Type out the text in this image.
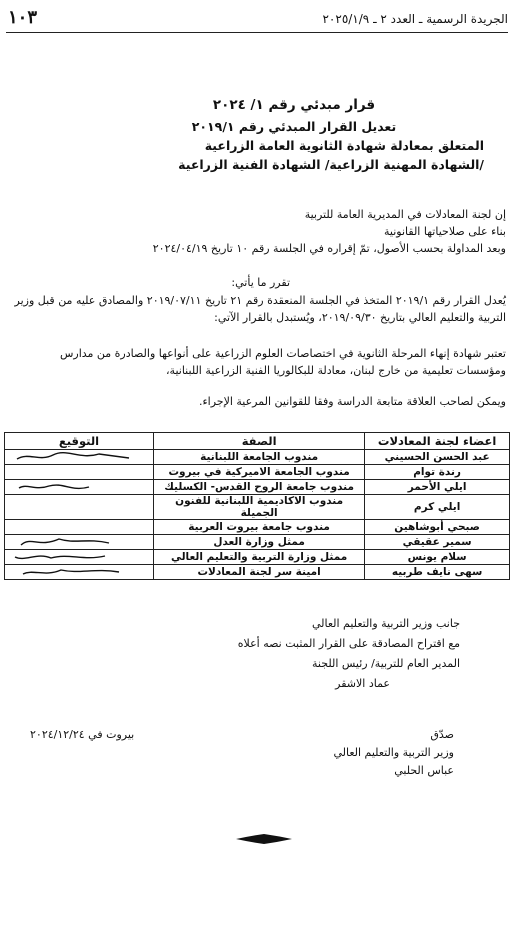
الجريدة الرسمية ـ العدد ٢ ـ ٢٠٢٥/١/٩
١٠٣
قرار مبدئي رقم ١/ ٢٠٢٤
تعديل القرار المبدئي رقم ٢٠١٩/١
المتعلق بمعادلة شهادة الثانوية العامة الزراعية
/الشهادة المهنية الزراعية/ الشهادة الفنية الزراعية
إن لجنة المعادلات في المديرية العامة للتربية
بناء على صلاحياتها القانونية
وبعد المداولة بحسب الأصول، تمّ إقراره في الجلسة رقم ١٠ تاريخ ٢٠٢٤/٠٤/١٩
تقرر ما يأتي:
يُعدل القرار رقم ٢٠١٩/١ المتخذ في الجلسة المنعقدة رقم ٢١ تاريخ ٢٠١٩/٠٧/١١ والمصادق عليه من قبل وزير التربية والتعليم العالي بتاريخ ٢٠١٩/٠٩/٣٠، ويُستبدل بالقرار الآتي:
تعتبر شهادة إنهاء المرحلة الثانوية في اختصاصات العلوم الزراعية على أنواعها والصادرة من مدارس ومؤسسات تعليمية من خارج لبنان، معادلة للبكالوريا الفنية الزراعية اللبنانية،
ويمكن لصاحب العلاقة متابعة الدراسة وفقا للقوانين المرعية الإجراء.
اعضاء لجنة المعادلات	الصفة	التوقيع
عبد الحسن الحسيني	مندوب الجامعة اللبنانية	

رندة توام	مندوب الجامعة الاميركية في بيروت	
ايلي الأحمر	مندوب جامعة الروح القدس- الكسليك	

ايلي كرم	مندوب الاكاديمية اللبنانية للفنون الجميلة	
صبحي أبوشاهين	مندوب جامعة بيروت العربية	
سمير عقيقي	ممثل وزارة العدل	

سلام يونس	ممثل وزارة التربية والتعليم العالي	

سهى نايف طربيه	امينة سر لجنة المعادلات	
جانب وزير التربية والتعليم العالي
مع اقتراح المصادقة على القرار المثبت نصه أعلاه
المدير العام للتربية/ رئيس اللجنة
عماد الاشقر
بيروت في ٢٠٢٤/١٢/٢٤	صدّق
وزير التربية والتعليم العالي
عباس الحلبي
